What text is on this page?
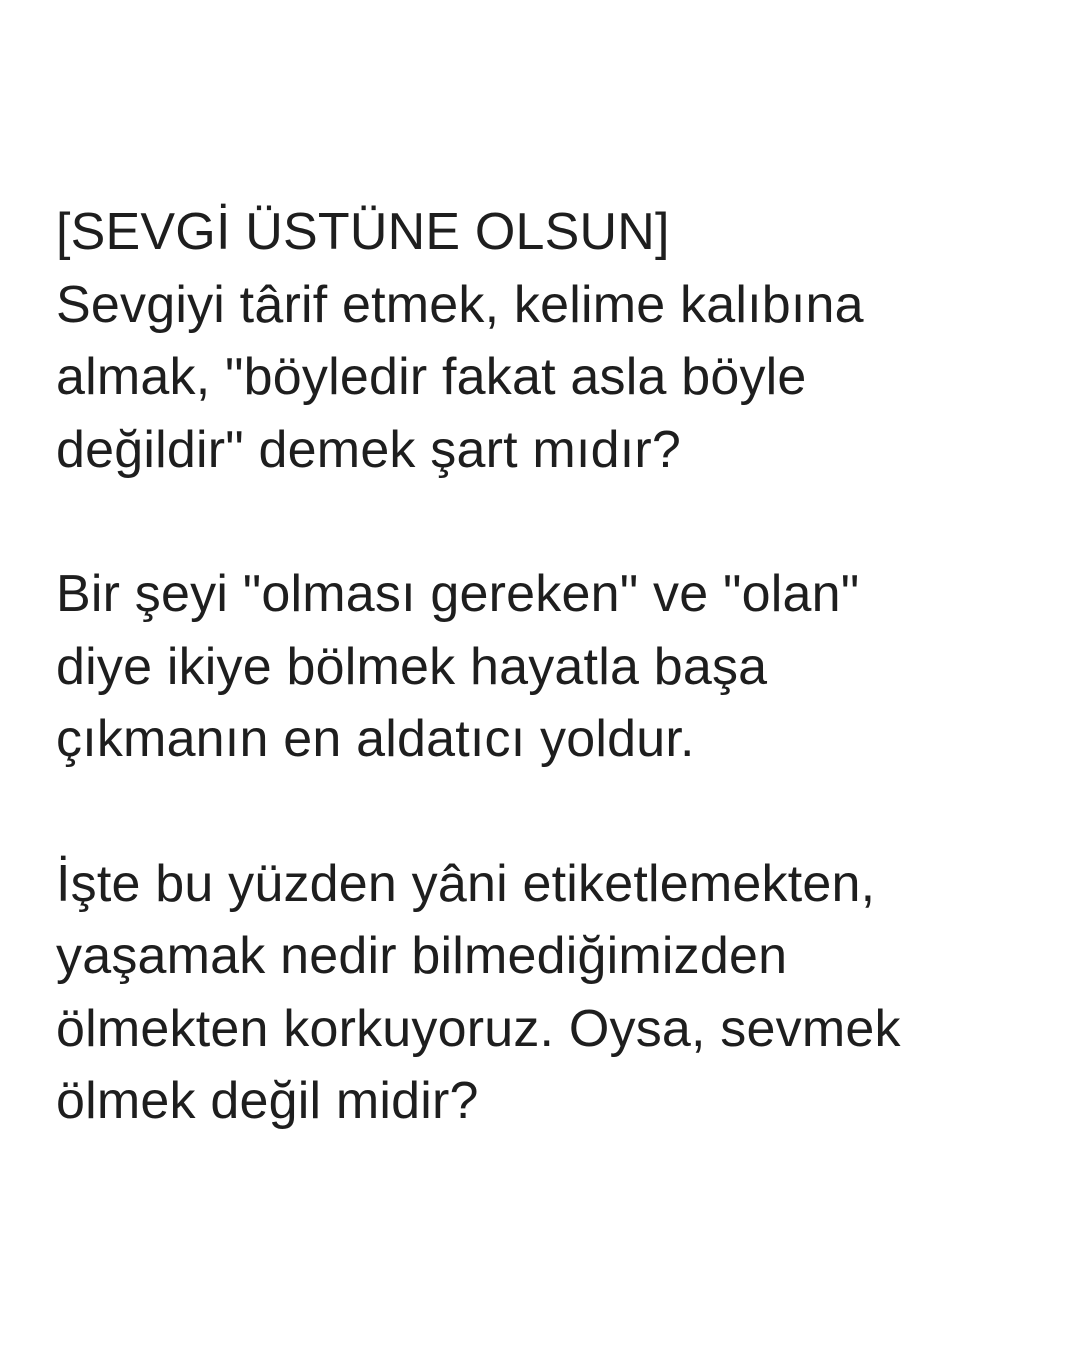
[SEVGİ ÜSTÜNE OLSUN]
Sevgiyi târif etmek, kelime kalıbına
almak, "böyledir fakat asla böyle
değildir" demek şart mıdır?
Bir şeyi "olması gereken" ve "olan"
diye ikiye bölmek hayatla başa
çıkmanın en aldatıcı yoldur.
İşte bu yüzden yâni etiketlemekten,
yaşamak nedir bilmediğimizden
ölmekten korkuyoruz. Oysa, sevmek
ölmek değil midir?
